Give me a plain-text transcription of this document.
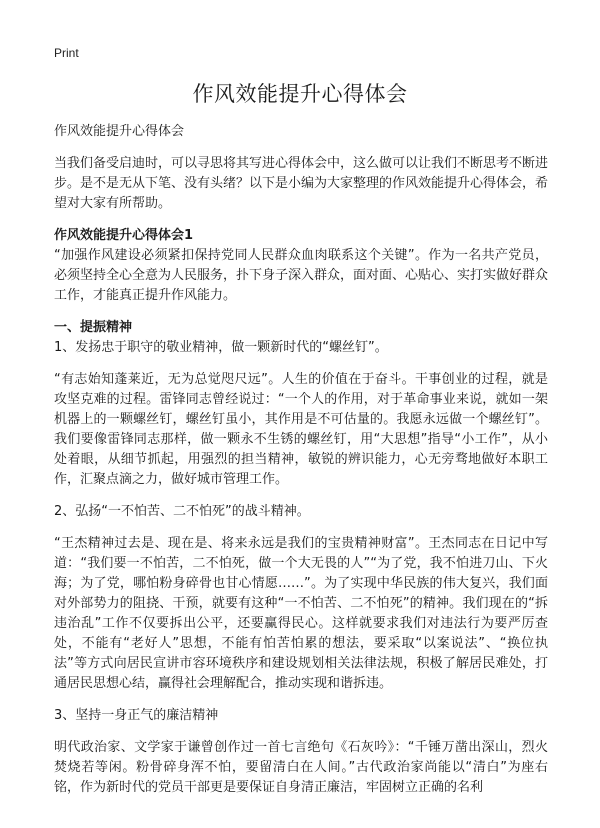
Print
作风效能提升心得体会

作风效能提升心得体会

当我们备受启迪时，可以寻思将其写进心得体会中，这么做可以让我们不断思考不断进步。是不是无从下笔、没有头绪？以下是小编为大家整理的作风效能提升心得体会，希望对大家有所帮助。

作风效能提升心得体会1

“加强作风建设必须紧扣保持党同人民群众血肉联系这个关键”。作为一名共产党员，必须坚持全心全意为人民服务，扑下身子深入群众，面对面、心贴心、实打实做好群众工作，才能真正提升作风能力。

一、提振精神

1、发扬忠于职守的敬业精神，做一颗新时代的“螺丝钉”。

“有志始知蓬莱近，无为总觉咫尺远”。人生的价值在于奋斗。干事创业的过程，就是攻坚克难的过程。雷锋同志曾经说过：“一个人的作用，对于革命事业来说，就如一架机器上的一颗螺丝钉，螺丝钉虽小，其作用是不可估量的。我愿永远做一个螺丝钉”。我们要像雷锋同志那样，做一颗永不生锈的螺丝钉，用“大思想”指导“小工作”，从小处着眼，从细节抓起，用强烈的担当精神，敏锐的辨识能力，心无旁骛地做好本职工作，汇聚点滴之力，做好城市管理工作。

2、弘扬“一不怕苦、二不怕死”的战斗精神。

“王杰精神过去是、现在是、将来永远是我们的宝贵精神财富”。王杰同志在日记中写道：“我们要一不怕苦，二不怕死，做一个大无畏的人”“为了党，我不怕进刀山、下火海；为了党，哪怕粉身碎骨也甘心情愿……”。为了实现中华民族的伟大复兴，我们面对外部势力的阻挠、干预，就要有这种“一不怕苦、二不怕死”的精神。我们现在的“拆违治乱”工作不仅要拆出公平，还要赢得民心。这样就要求我们对违法行为要严厉查处，不能有“老好人”思想，不能有怕苦怕累的想法，要采取“以案说法”、“换位执法”等方式向居民宣讲市容环境秩序和建设规划相关法律法规，积极了解居民难处，打通居民思想心结，赢得社会理解配合，推动实现和谐拆违。

3、坚持一身正气的廉洁精神

明代政治家、文学家于谦曾创作过一首七言绝句《石灰吟》：“千锤万凿出深山，烈火焚烧若等闲。粉骨碎身浑不怕，要留清白在人间。”古代政治家尚能以“清白”为座右铭，作为新时代的党员干部更是要保证自身清正廉洁，牢固树立正确的名利
